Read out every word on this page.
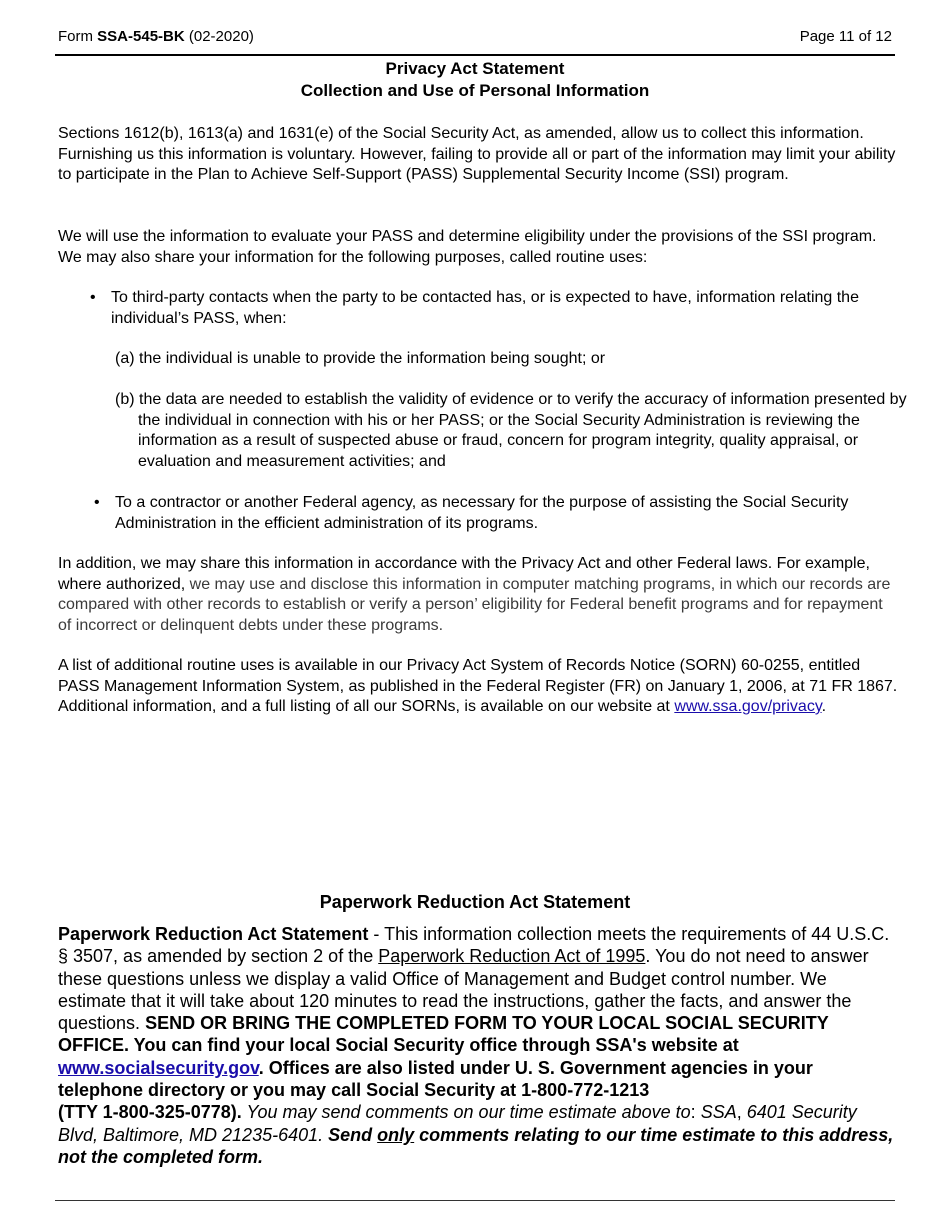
Form SSA-545-BK (02-2020)	Page 11 of 12
Privacy Act Statement
Collection and Use of Personal Information
Sections 1612(b), 1613(a) and 1631(e) of the Social Security Act, as amended, allow us to collect this information. Furnishing us this information is voluntary. However, failing to provide all or part of the information may limit your ability to participate in the Plan to Achieve Self-Support (PASS) Supplemental Security Income (SSI) program.
We will use the information to evaluate your PASS and determine eligibility under the provisions of the SSI program. We may also share your information for the following purposes, called routine uses:
• To third-party contacts when the party to be contacted has, or is expected to have, information relating the individual’s PASS, when:
(a) the individual is unable to provide the information being sought; or
(b) the data are needed to establish the validity of evidence or to verify the accuracy of information presented by the individual in connection with his or her PASS; or the Social Security Administration is reviewing the information as a result of suspected abuse or fraud, concern for program integrity, quality appraisal, or evaluation and measurement activities; and
• To a contractor or another Federal agency, as necessary for the purpose of assisting the Social Security Administration in the efficient administration of its programs.
In addition, we may share this information in accordance with the Privacy Act and other Federal laws. For example, where authorized, we may use and disclose this information in computer matching programs, in which our records are compared with other records to establish or verify a person’ eligibility for Federal benefit programs and for repayment of incorrect or delinquent debts under these programs.
A list of additional routine uses is available in our Privacy Act System of Records Notice (SORN) 60-0255, entitled PASS Management Information System, as published in the Federal Register (FR) on January 1, 2006, at 71 FR 1867. Additional information, and a full listing of all our SORNs, is available on our website at www.ssa.gov/privacy.
Paperwork Reduction Act Statement
Paperwork Reduction Act Statement - This information collection meets the requirements of 44 U.S.C. § 3507, as amended by section 2 of the Paperwork Reduction Act of 1995. You do not need to answer these questions unless we display a valid Office of Management and Budget control number. We estimate that it will take about 120 minutes to read the instructions, gather the facts, and answer the questions. SEND OR BRING THE COMPLETED FORM TO YOUR LOCAL SOCIAL SECURITY OFFICE. You can find your local Social Security office through SSA's website at www.socialsecurity.gov. Offices are also listed under U. S. Government agencies in your telephone directory or you may call Social Security at 1-800-772-1213
(TTY 1-800-325-0778). You may send comments on our time estimate above to: SSA, 6401 Security Blvd, Baltimore, MD 21235-6401. Send only comments relating to our time estimate to this address, not the completed form.
